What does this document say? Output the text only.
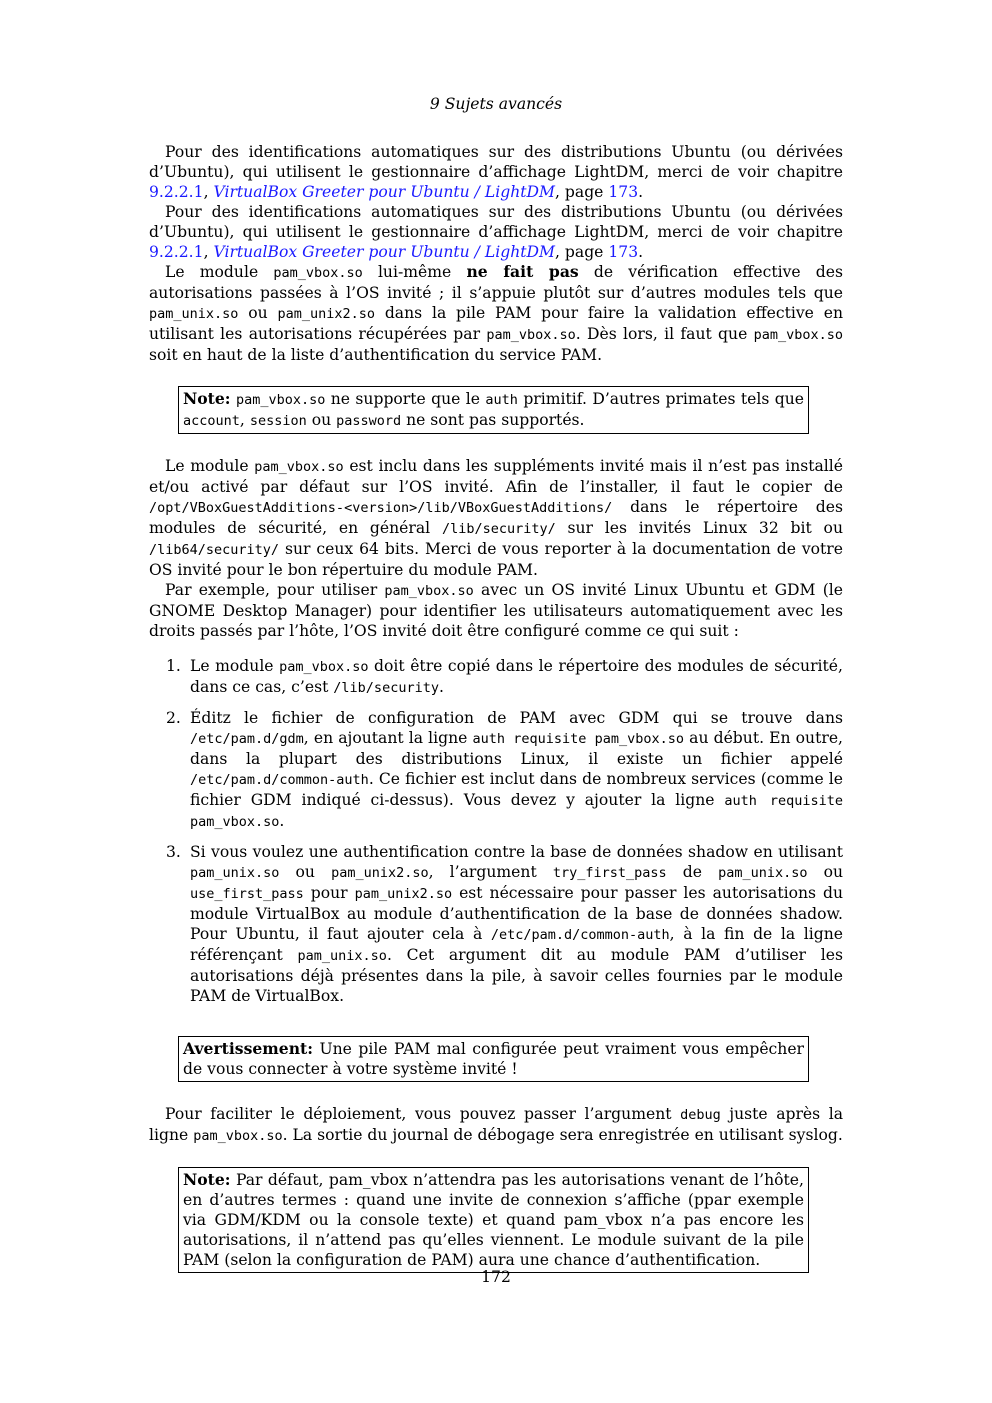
9 Sujets avancés

Pour des identifications automatiques sur des distributions Ubuntu (ou dérivées d’Ubuntu), qui utilisent le gestionnaire d’affichage LightDM, merci de voir chapitre 9.2.2.1, VirtualBox Greeter pour Ubuntu / LightDM, page 173.

Pour des identifications automatiques sur des distributions Ubuntu (ou dérivées d’Ubuntu), qui utilisent le gestionnaire d’affichage LightDM, merci de voir chapitre 9.2.2.1, VirtualBox Greeter pour Ubuntu / LightDM, page 173.

Le module pam_vbox.so lui-même ne fait pas de vérification effective des autorisations passées à l’OS invité ; il s’appuie plutôt sur d’autres modules tels que pam_unix.so ou pam_unix2.so dans la pile PAM pour faire la validation effective en utilisant les autorisations récupérées par pam_vbox.so. Dès lors, il faut que pam_vbox.so soit en haut de la liste d’authentification du service PAM.

Note: pam_vbox.so ne supporte que le auth primitif. D’autres primates tels que account, session ou password ne sont pas supportés.

Le module pam_vbox.so est inclu dans les suppléments invité mais il n’est pas installé et/ou activé par défaut sur l’OS invité. Afin de l’installer, il faut le copier de /opt/VBoxGuestAdditions-<version>/lib/VBoxGuestAdditions/ dans le répertoire des modules de sécurité, en général /lib/security/ sur les invités Linux 32 bit ou /lib64/security/ sur ceux 64 bits. Merci de vous reporter à la documentation de votre OS invité pour le bon répertuire du module PAM.

Par exemple, pour utiliser pam_vbox.so avec un OS invité Linux Ubuntu et GDM (le GNOME Desktop Manager) pour identifier les utilisateurs automatiquement avec les droits passés par l’hôte, l’OS invité doit être configuré comme ce qui suit :

1. Le module pam_vbox.so doit être copié dans le répertoire des modules de sécurité, dans ce cas, c’est /lib/security.
2. Éditz le fichier de configuration de PAM avec GDM qui se trouve dans /etc/pam.d/gdm, en ajoutant la ligne auth requisite pam_vbox.so au début. En outre, dans la plupart des distributions Linux, il existe un fichier appelé /etc/pam.d/common-auth. Ce fichier est inclut dans de nombreux services (comme le fichier GDM indiqué ci-dessus). Vous devez y ajouter la ligne auth requisite pam_vbox.so.
3. Si vous voulez une authentification contre la base de données shadow en utilisant pam_unix.so ou pam_unix2.so, l’argument try_first_pass de pam_unix.so ou use_first_pass pour pam_unix2.so est nécessaire pour passer les autorisations du module VirtualBox au module d’authentification de la base de données shadow. Pour Ubuntu, il faut ajouter cela à /etc/pam.d/common-auth, à la fin de la ligne référençant pam_unix.so. Cet argument dit au module PAM d’utiliser les autorisations déjà présentes dans la pile, à savoir celles fournies par le module PAM de VirtualBox.

Avertissement: Une pile PAM mal configurée peut vraiment vous empêcher de vous connecter à votre système invité !

Pour faciliter le déploiement, vous pouvez passer l’argument debug juste après la ligne pam_vbox.so. La sortie du journal de débogage sera enregistrée en utilisant syslog.

Note: Par défaut, pam_vbox n’attendra pas les autorisations venant de l’hôte, en d’autres termes : quand une invite de connexion s’affiche (ppar exemple via GDM/KDM ou la console texte) et quand pam_vbox n’a pas encore les autorisations, il n’attend pas qu’elles viennent. Le module suivant de la pile PAM (selon la configuration de PAM) aura une chance d’authentification.

172
